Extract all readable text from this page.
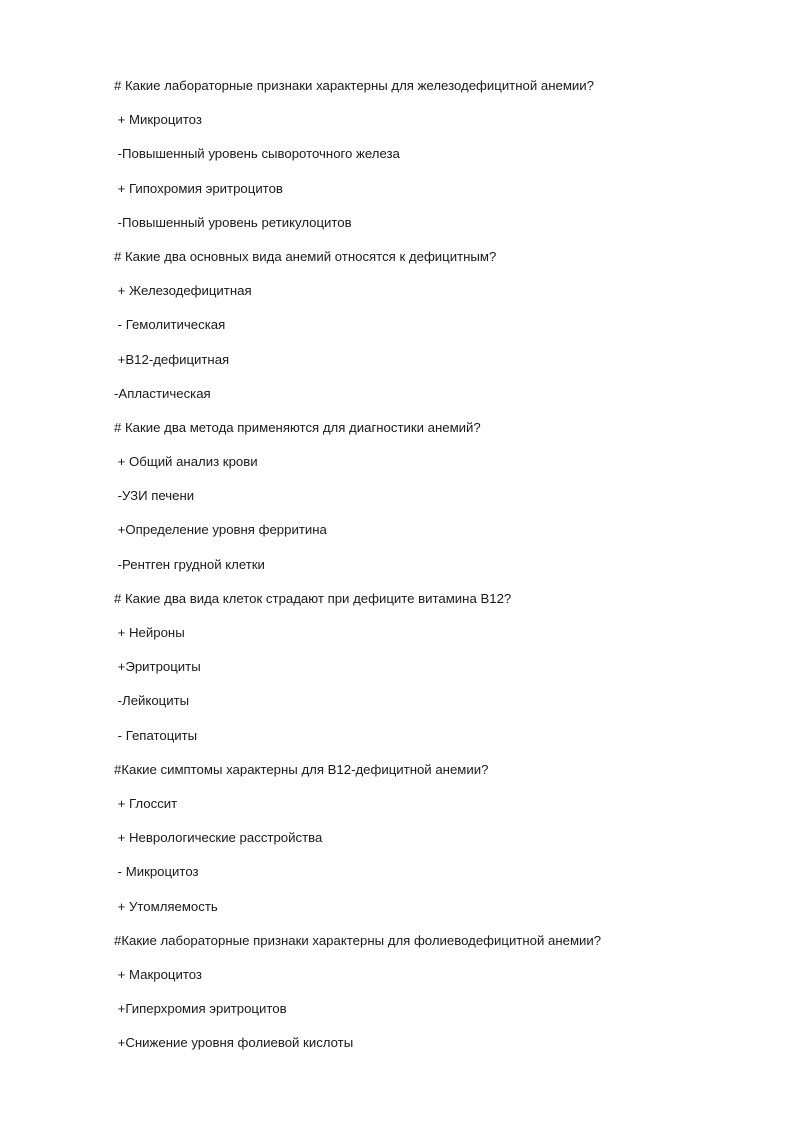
# Какие лабораторные признаки характерны для железодефицитной анемии?
+ Микроцитоз
-Повышенный уровень сывороточного железа
+ Гипохромия эритроцитов
-Повышенный уровень ретикулоцитов
# Какие два основных вида анемий относятся к дефицитным?
+ Железодефицитная
- Гемолитическая
+В12-дефицитная
-Апластическая
# Какие два метода применяются для диагностики анемий?
+ Общий анализ крови
-УЗИ печени
+Определение уровня ферритина
-Рентген грудной клетки
# Какие два вида клеток страдают при дефиците витамина В12?
+ Нейроны
+Эритроциты
-Лейкоциты
- Гепатоциты
#Какие симптомы характерны для В12-дефицитной анемии?
+ Глоссит
+ Неврологические расстройства
- Микроцитоз
+ Утомляемость
#Какие лабораторные признаки характерны для фолиеводефицитной анемии?
+ Макроцитоз
+Гиперхромия эритроцитов
+Снижение уровня фолиевой кислоты
